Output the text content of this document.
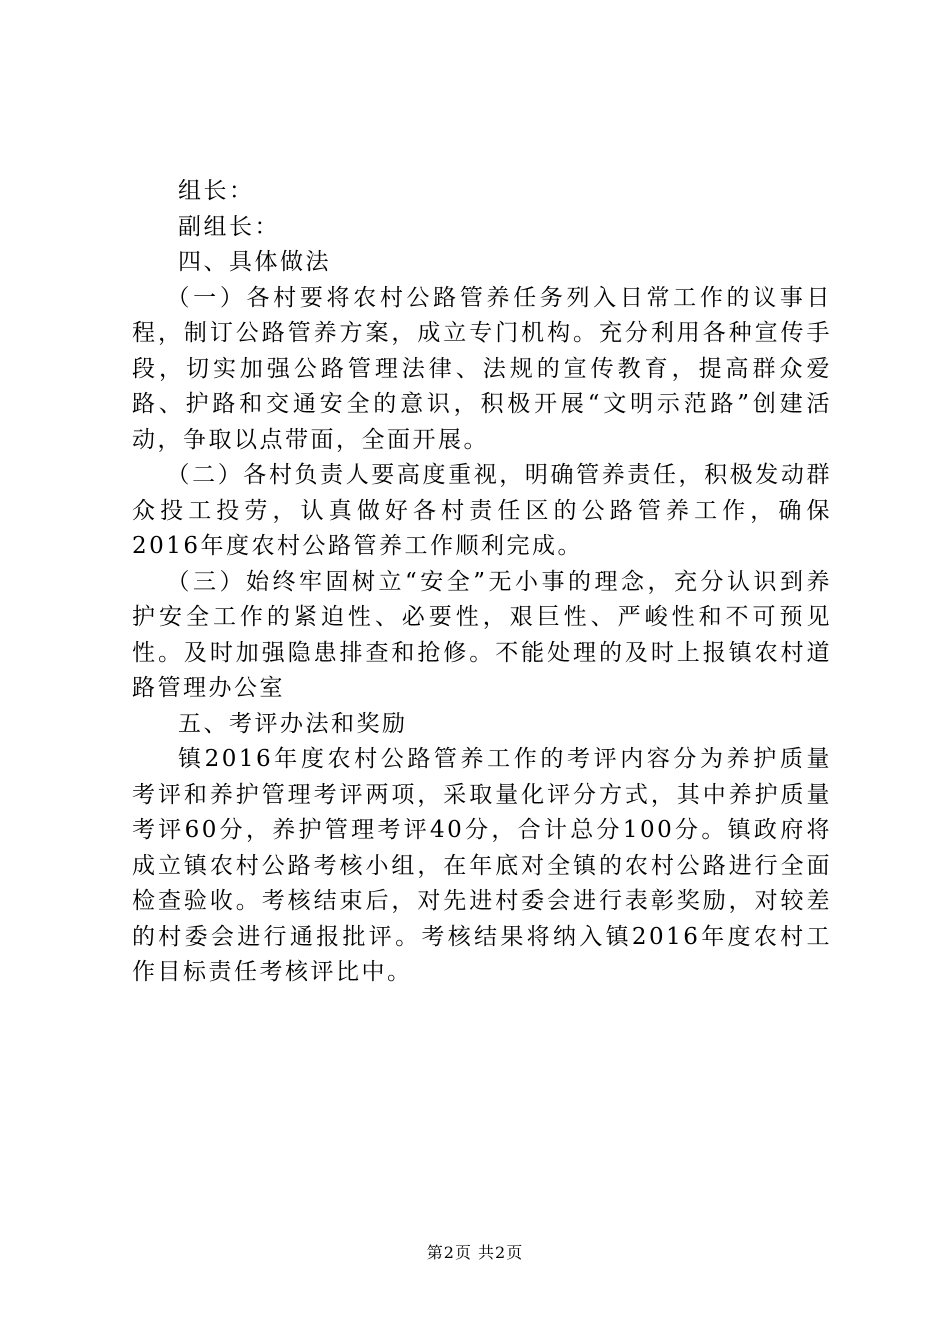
组长：

副组长：

四、具体做法

（一）各村要将农村公路管养任务列入日常工作的议事日程，制订公路管养方案，成立专门机构。充分利用各种宣传手段，切实加强公路管理法律、法规的宣传教育，提高群众爱路、护路和交通安全的意识，积极开展“文明示范路”创建活动，争取以点带面，全面开展。

（二）各村负责人要高度重视，明确管养责任，积极发动群众投工投劳，认真做好各村责任区的公路管养工作，确保2016年度农村公路管养工作顺利完成。

（三）始终牢固树立“安全”无小事的理念，充分认识到养护安全工作的紧迫性、必要性，艰巨性、严峻性和不可预见性。及时加强隐患排查和抢修。不能处理的及时上报镇农村道路管理办公室

五、考评办法和奖励

镇2016年度农村公路管养工作的考评内容分为养护质量考评和养护管理考评两项，采取量化评分方式，其中养护质量考评60分，养护管理考评40分，合计总分100分。镇政府将成立镇农村公路考核小组，在年底对全镇的农村公路进行全面检查验收。考核结束后，对先进村委会进行表彰奖励，对较差的村委会进行通报批评。考核结果将纳入镇2016年度农村工作目标责任考核评比中。

第2页 共2页
